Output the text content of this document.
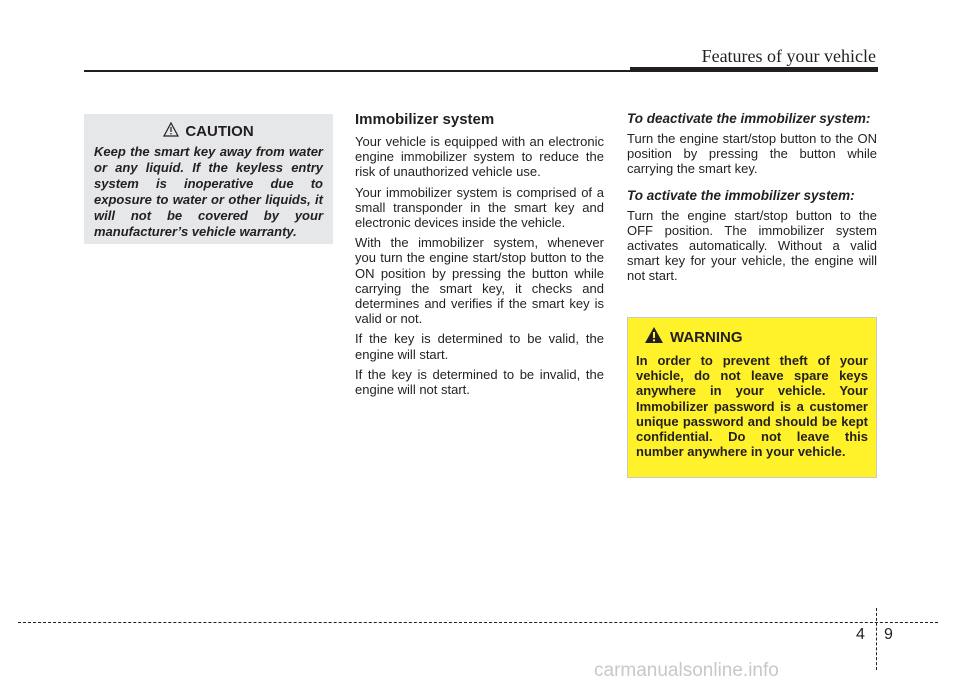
Features of your vehicle
CAUTION

Keep the smart key away from water or any liquid. If the keyless entry system is inoperative due to exposure to water or other liquids, it will not be covered by your manufacturer’s vehicle warranty.

Immobilizer system

Your vehicle is equipped with an electronic engine immobilizer system to reduce the risk of unauthorized vehicle use.

Your immobilizer system is comprised of a small transponder in the smart key and electronic devices inside the vehicle.

With the immobilizer system, whenever you turn the engine start/stop button to the ON position by pressing the button while carrying the smart key, it checks and determines and verifies if the smart key is valid or not.

If the key is determined to be valid, the engine will start.

If the key is determined to be invalid, the engine will not start.

To deactivate the immobilizer system:

Turn the engine start/stop button to the ON position by pressing the button while carrying the smart key.

To activate the immobilizer system:

Turn the engine start/stop button to the OFF position. The immobilizer system activates automatically. Without a valid smart key for your vehicle, the engine will not start.

WARNING

In order to prevent theft of your vehicle, do not leave spare keys anywhere in your vehicle. Your Immobilizer password is a customer unique password and should be kept confidential. Do not leave this number anywhere in your vehicle.

4 9
carmanualsonline.info
